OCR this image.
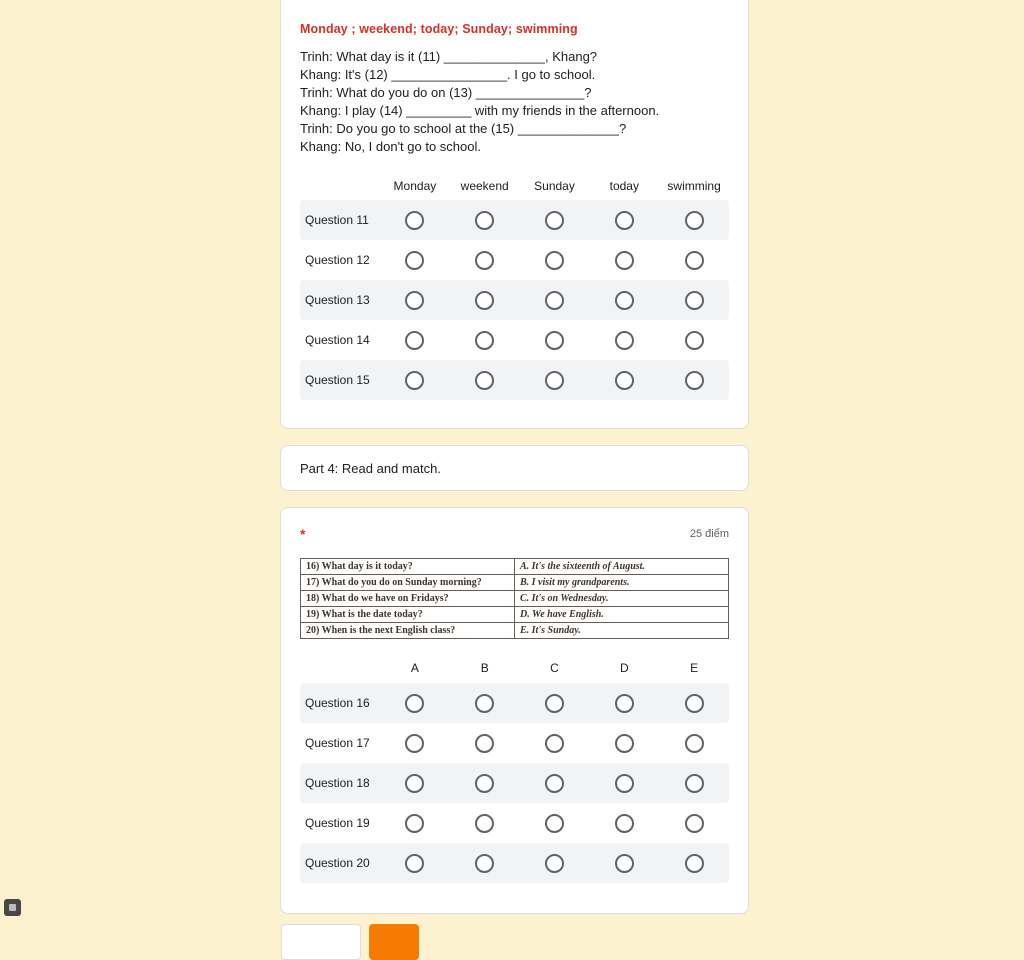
Monday ; weekend; today; Sunday; swimming

Trinh: What day is it (11) ______________, Khang?

Khang: It's (12) ________________. I go to school.

Trinh: What do you do on (13) _______________?

Khang: I play (14) _________ with my friends in the afternoon.

Trinh: Do you go to school at the (15) ______________?

Khang: No, I don't go to school.

Monday	weekend	Sunday	today	swimming
Question 11
Question 12
Question 13
Question 14
Question 15
Part 4: Read and match.
*	25 điểm
16) What day is it today?	A. It's the sixteenth of August.
17) What do you do on Sunday morning?	B. I visit my grandparents.
18) What do we have on Fridays?	C. It's on Wednesday.
19) What is the date today?	D. We have English.
20) When is the next English class?	E. It's Sunday.
A	B	C	D	E
Question 16
Question 17
Question 18
Question 19
Question 20
